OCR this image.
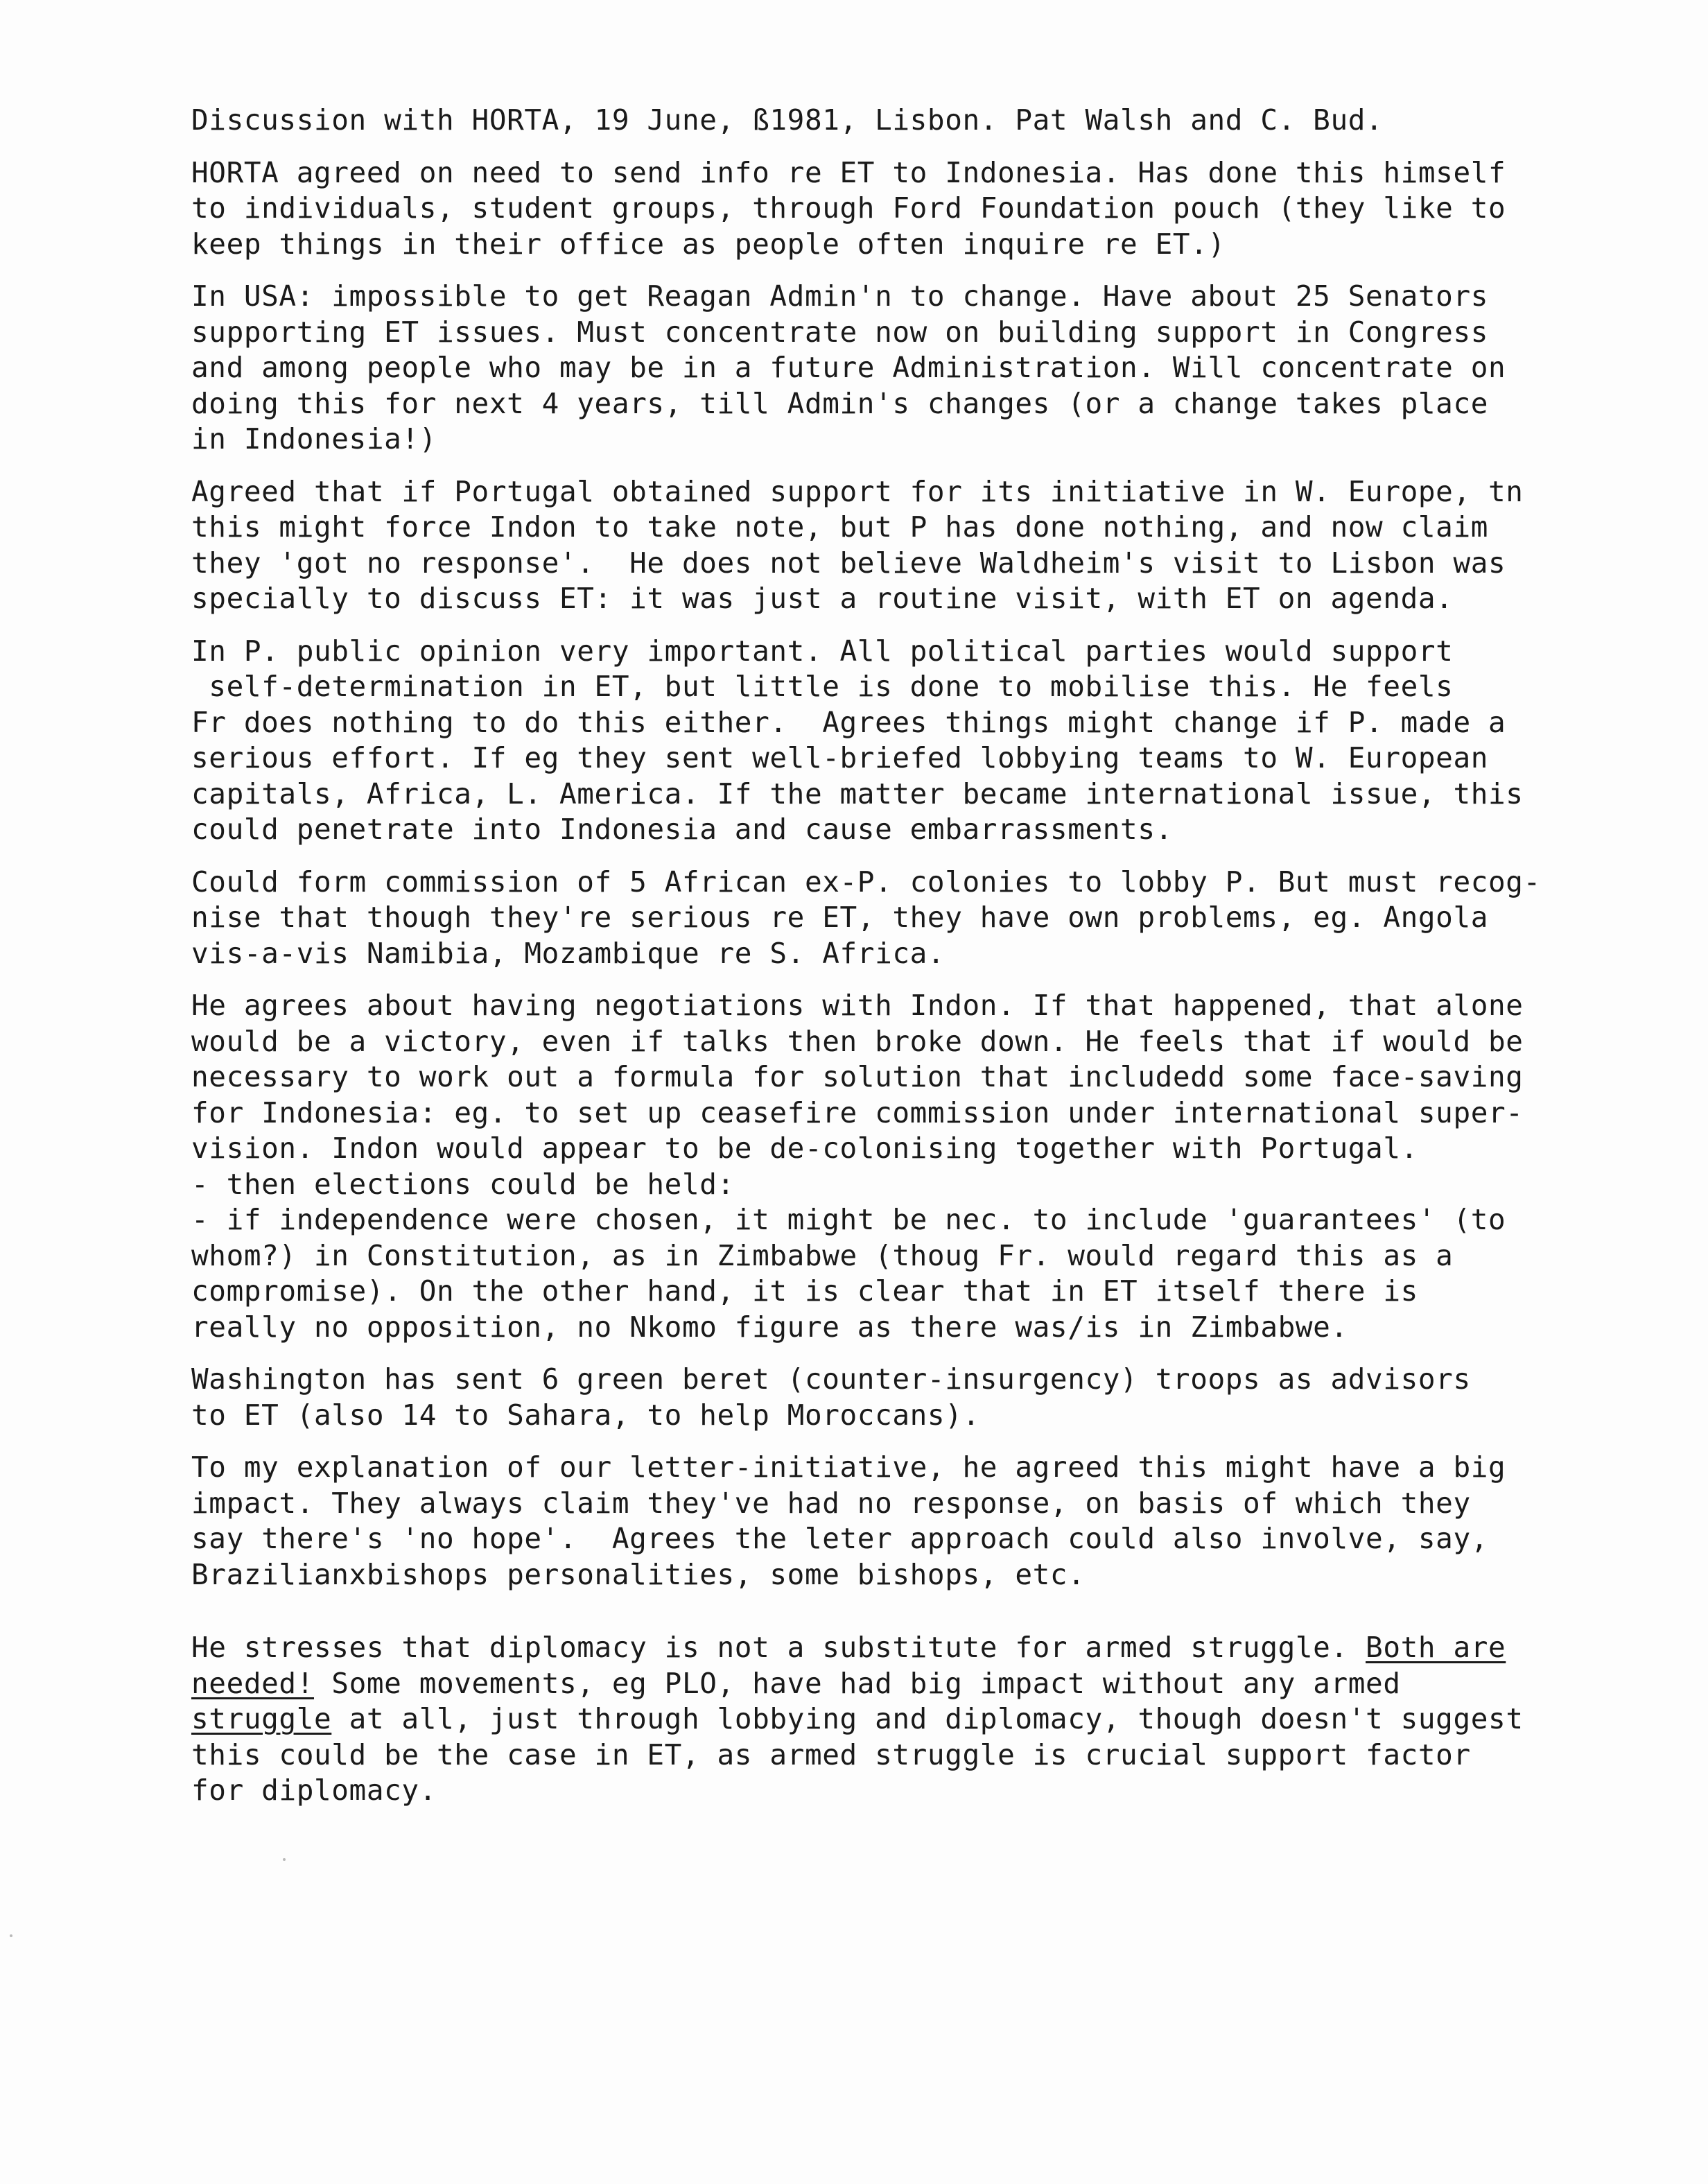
Discussion with HORTA, 19 June, ß1981, Lisbon. Pat Walsh and C. Bud.
HORTA agreed on need to send info re ET to Indonesia. Has done this himself
to individuals, student groups, through Ford Foundation pouch (they like to
keep things in their office as people often inquire re ET.)
In USA: impossible to get Reagan Admin'n to change. Have about 25 Senators
supporting ET issues. Must concentrate now on building support in Congress
and among people who may be in a future Administration. Will concentrate on
doing this for next 4 years, till Admin's changes (or a change takes place
in Indonesia!)
Agreed that if Portugal obtained support for its initiative in W. Europe, tn
this might force Indon to take note, but P has done nothing, and now claim
they 'got no response'.  He does not believe Waldheim's visit to Lisbon was
specially to discuss ET: it was just a routine visit, with ET on agenda.
In P. public opinion very important. All political parties would support
self-determination in ET, but little is done to mobilise this. He feels
Fr does nothing to do this either.  Agrees things might change if P. made a
serious effort. If eg they sent well-briefed lobbying teams to W. European
capitals, Africa, L. America. If the matter became international issue, this
could penetrate into Indonesia and cause embarrassments.
Could form commission of 5 African ex-P. colonies to lobby P. But must recog-
nise that though they're serious re ET, they have own problems, eg. Angola
vis-a-vis Namibia, Mozambique re S. Africa.
He agrees about having negotiations with Indon. If that happened, that alone
would be a victory, even if talks then broke down. He feels that if would be
necessary to work out a formula for solution that includedd some face-saving
for Indonesia: eg. to set up ceasefire commission under international super-
vision. Indon would appear to be de-colonising together with Portugal.
- then elections could be held:
- if independence were chosen, it might be nec. to include 'guarantees' (to
whom?) in Constitution, as in Zimbabwe (thoug Fr. would regard this as a
compromise). On the other hand, it is clear that in ET itself there is
really no opposition, no Nkomo figure as there was/is in Zimbabwe.
Washington has sent 6 green beret (counter-insurgency) troops as advisors
to ET (also 14 to Sahara, to help Moroccans).
To my explanation of our letter-initiative, he agreed this might have a big
impact. They always claim they've had no response, on basis of which they
say there's 'no hope'.  Agrees the leter approach could also involve, say,
Brazilianxbishops personalities, some bishops, etc.
He stresses that diplomacy is not a substitute for armed struggle. Both are
needed! Some movements, eg PLO, have had big impact without any armed
struggle at all, just through lobbying and diplomacy, though doesn't suggest
this could be the case in ET, as armed struggle is crucial support factor
for diplomacy.
